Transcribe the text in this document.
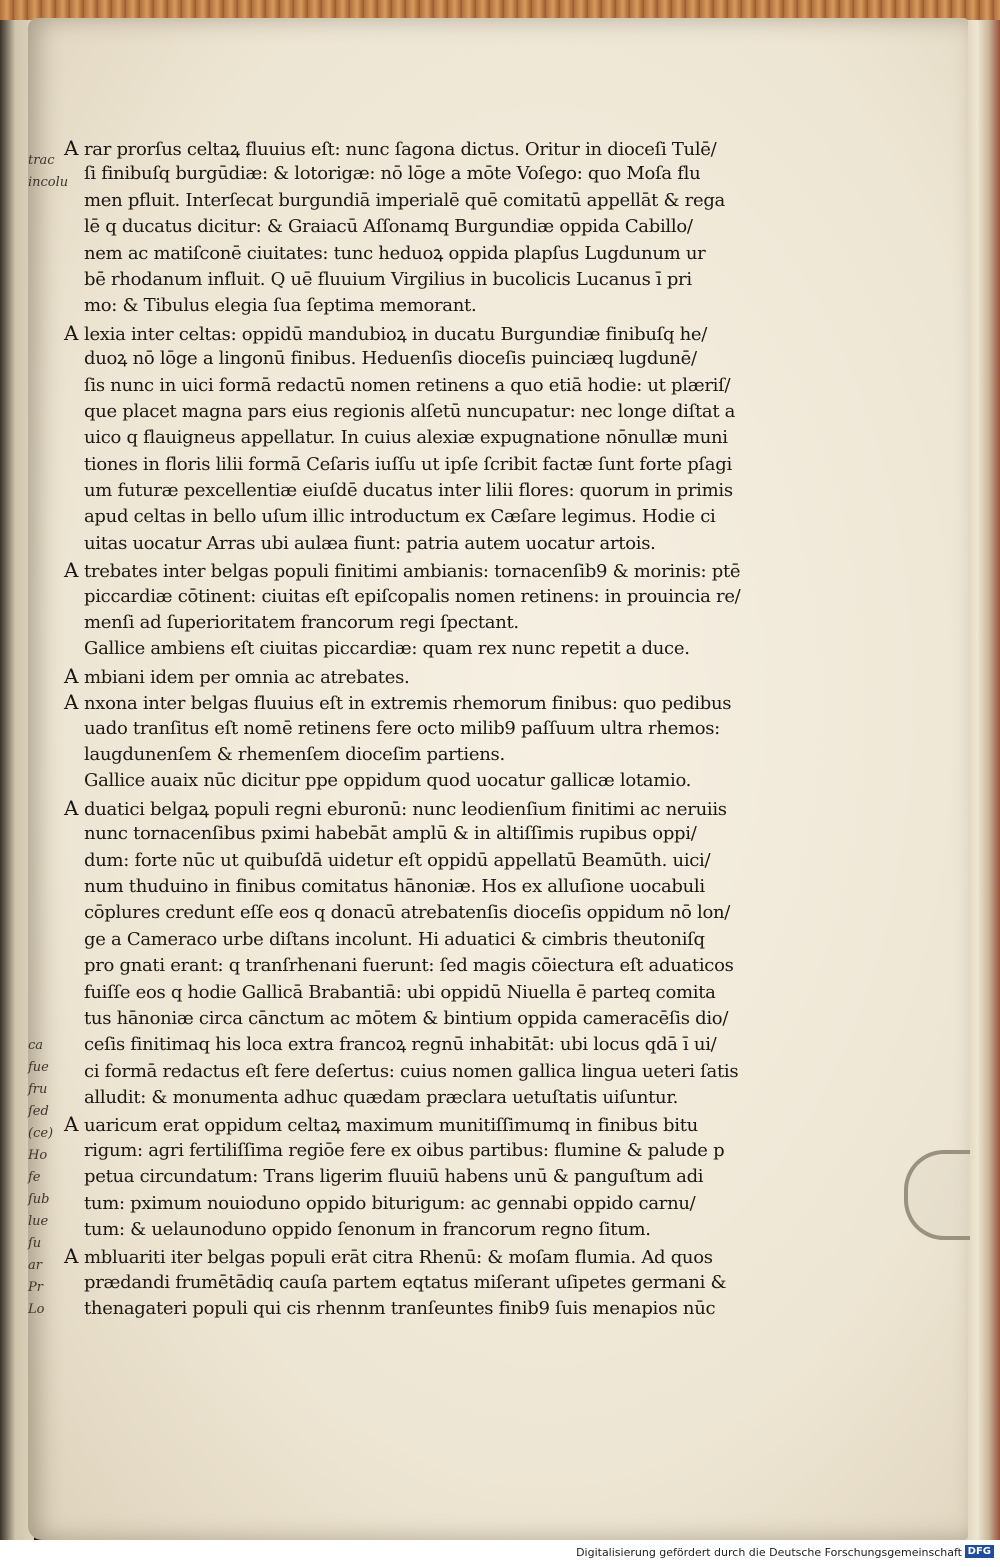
trac
incolu
ca
fue
fru
ſed
(ce)
Ho
fe
ſub
lue
ſu
ar
Pr
Lo
A rar prorſus celtaꝝ fluuius eſt: nunc ſagona dictus. Oritur in dioceſi Tulē/
ſi finibuſq burgūdiæ: & lotorigæ: nō lōge a mōte Voſego: quo Moſa flu
men pfluit. Interſecat burgundiā imperialē quē comitatū appellāt & rega
lē q ducatus dicitur: & Graiacū Aſſonamq Burgundiæ oppida Cabillo/
nem ac matiſconē ciuitates: tunc heduoꝝ oppida plapſus Lugdunum ur
bē rhodanum influit. Q uē fluuium Virgilius in bucolicis Lucanus ī pri
mo: & Tibulus elegia ſua ſeptima memorant.
A lexia inter celtas: oppidū mandubioꝝ in ducatu Burgundiæ finibuſq he/
duoꝝ nō lōge a lingonū finibus. Heduenſis dioceſis puinciæq lugdunē/
ſis nunc in uici formā redactū nomen retinens a quo etiā hodie: ut plæriſ/
que placet magna pars eius regionis alſetū nuncupatur: nec longe diſtat a
uico q flauigneus appellatur. In cuius alexiæ expugnatione nōnullæ muni
tiones in floris lilii formā Ceſaris iuſſu ut ipſe ſcribit factæ ſunt forte pſagi
um futuræ pexcellentiæ eiuſdē ducatus inter lilii flores: quorum in primis
apud celtas in bello uſum illic introductum ex Cæſare legimus. Hodie ci
uitas uocatur Arras ubi aulæa fiunt: patria autem uocatur artois.
A trebates inter belgas populi finitimi ambianis: tornacenſib9 & morinis: ptē
piccardiæ cōtinent: ciuitas eſt epiſcopalis nomen retinens: in prouincia re/
menſi ad ſuperioritatem francorum regi ſpectant.
Gallice ambiens eſt ciuitas piccardiæ: quam rex nunc repetit a duce.
A mbiani idem per omnia ac atrebates.
A nxona inter belgas fluuius eſt in extremis rhemorum finibus: quo pedibus
uado tranſitus eſt nomē retinens fere octo milib9 paſſuum ultra rhemos:
laugdunenſem & rhemenſem dioceſim partiens.
Gallice auaix nūc dicitur ppe oppidum quod uocatur gallicæ lotamio.
A duatici belgaꝝ populi regni eburonū: nunc leodienſium finitimi ac neruiis
nunc tornacenſibus pximi habebāt amplū & in altiſſimis rupibus oppi/
dum: forte nūc ut quibuſdā uidetur eſt oppidū appellatū Beamūth. uici/
num thuduino in finibus comitatus hānoniæ. Hos ex alluſione uocabuli
cōplures credunt eſſe eos q donacū atrebatenſis dioceſis oppidum nō lon/
ge a Cameraco urbe diſtans incolunt. Hi aduatici & cimbris theutoniſq
pro gnati erant: q tranſrhenani fuerunt: ſed magis cōiectura eſt aduaticos
fuiſſe eos q hodie Gallicā Brabantiā: ubi oppidū Niuella ē parteq comita
tus hānoniæ circa cānctum ac mōtem & bintium oppida cameracēſis dio/
ceſis finitimaq his loca extra francoꝝ regnū inhabitāt: ubi locus qdā ī ui/
ci formā redactus eſt fere deſertus: cuius nomen gallica lingua ueteri ſatis
alludit: & monumenta adhuc quædam præclara uetuſtatis uiſuntur.
A uaricum erat oppidum celtaꝝ maximum munitiſſimumq in finibus bitu
rigum: agri fertiliſſima regiōe fere ex oibus partibus: flumine & palude p
petua circundatum: Trans ligerim fluuiū habens unū & panguſtum adi
tum: pximum nouioduno oppido biturigum: ac gennabi oppido carnu/
tum: & uelaunoduno oppido ſenonum in francorum regno ſitum.
A mbluariti iter belgas populi erāt citra Rhenū: & moſam flumia. Ad quos
prædandi frumētādiq cauſa partem eqtatus miſerant uſipetes germani &
thenagateri populi qui cis rhennm tranſeuntes finib9 ſuis menapios nūc
Digitalisierung gefördert durch die Deutsche Forschungsgemeinschaft DFG
